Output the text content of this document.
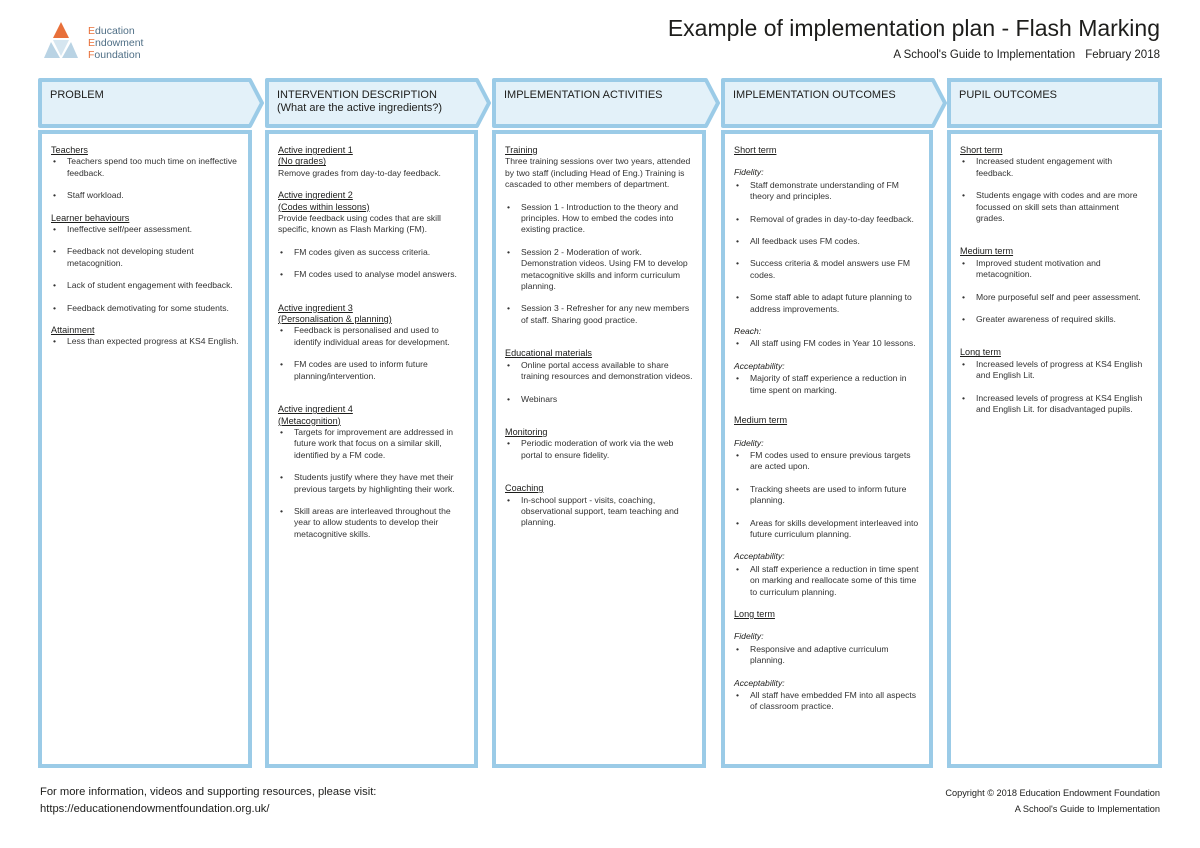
Education
Endowment
Foundation
Example of implementation plan - Flash Marking
A School's Guide to Implementation February 2018
PROBLEM	INTERVENTION DESCRIPTION
(What are the active ingredients?)
IMPLEMENTATION ACTIVITIES	IMPLEMENTATION OUTCOMES	PUPIL OUTCOMES
Teachers
• Teachers spend too much time on ineffective feedback.
• Staff workload.
Learner behaviours
• Ineffective self/peer assessment.
• Feedback not developing student metacognition.
• Lack of student engagement with feedback.
• Feedback demotivating for some students.
Attainment
• Less than expected progress at KS4 English.
Active ingredient 1
(No grades)

Remove grades from day-to-day feedback.

Active ingredient 2
(Codes within lessons)

Provide feedback using codes that are skill specific, known as Flash Marking (FM).

• FM codes given as success criteria.
• FM codes used to analyse model answers.
Active ingredient 3
(Personalisation & planning)
• Feedback is personalised and used to identify individual areas for development.
• FM codes are used to inform future planning/intervention.
Active ingredient 4
(Metacognition)
• Targets for improvement are addressed in future work that focus on a similar skill, identified by a FM code.
• Students justify where they have met their previous targets by highlighting their work.
• Skill areas are interleaved throughout the year to allow students to develop their metacognitive skills.
Training

Three training sessions over two years, attended by two staff (including Head of Eng.) Training is cascaded to other members of department.

• Session 1 - Introduction to the theory and principles. How to embed the codes into existing practice.
• Session 2 - Moderation of work. Demonstration videos. Using FM to develop metacognitive skills and inform curriculum planning.
• Session 3 - Refresher for any new members of staff. Sharing good practice.
Educational materials
• Online portal access available to share training resources and demonstration videos.
• Webinars
Monitoring
• Periodic moderation of work via the web portal to ensure fidelity.
Coaching
• In-school support - visits, coaching, observational support, team teaching and planning.
Short term
Fidelity:
• Staff demonstrate understanding of FM theory and principles.
• Removal of grades in day-to-day feedback.
• All feedback uses FM codes.
• Success criteria & model answers use FM codes.
• Some staff able to adapt future planning to address improvements.
Reach:
• All staff using FM codes in Year 10 lessons.
Acceptability:
• Majority of staff experience a reduction in time spent on marking.
Medium term
Fidelity:
• FM codes used to ensure previous targets are acted upon.
• Tracking sheets are used to inform future planning.
• Areas for skills development interleaved into future curriculum planning.
Acceptability:
• All staff experience a reduction in time spent on marking and reallocate some of this time to curriculum planning.
Long term
Fidelity:
• Responsive and adaptive curriculum planning.
Acceptability:
• All staff have embedded FM into all aspects of classroom practice.
Short term
• Increased student engagement with feedback.
• Students engage with codes and are more focussed on skill sets than attainment grades.
Medium term
• Improved student motivation and metacognition.
• More purposeful self and peer assessment.
• Greater awareness of required skills.
Long term
• Increased levels of progress at KS4 English and English Lit.
• Increased levels of progress at KS4 English and English Lit. for disadvantaged pupils.
For more information, videos and supporting resources, please visit:
https://educationendowmentfoundation.org.uk/
Copyright © 2018 Education Endowment Foundation
A School's Guide to Implementation
